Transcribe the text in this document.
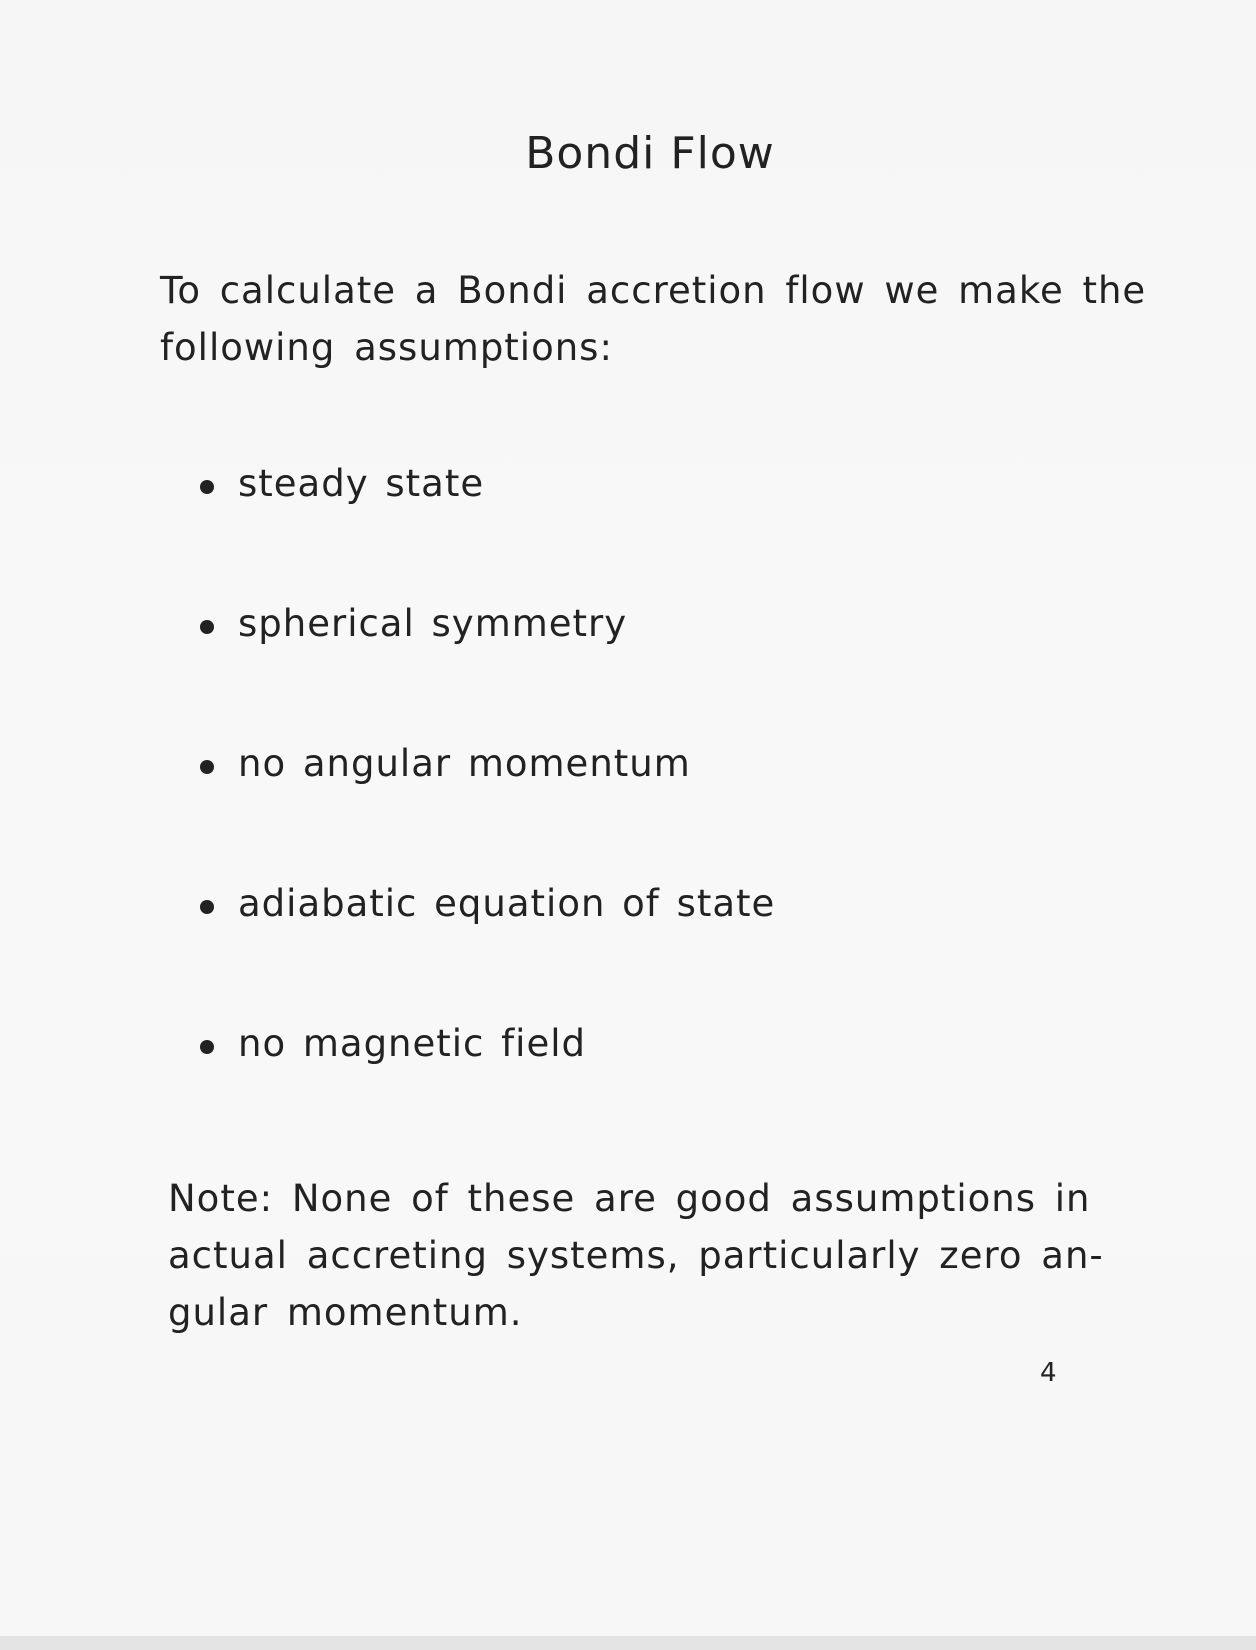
Bondi Flow

To calculate a Bondi accretion flow we make the following assumptions:

steady state
spherical symmetry
no angular momentum
adiabatic equation of state
no magnetic field

Note: None of these are good assumptions in actual accreting systems, particularly zero an-gular momentum.

4
